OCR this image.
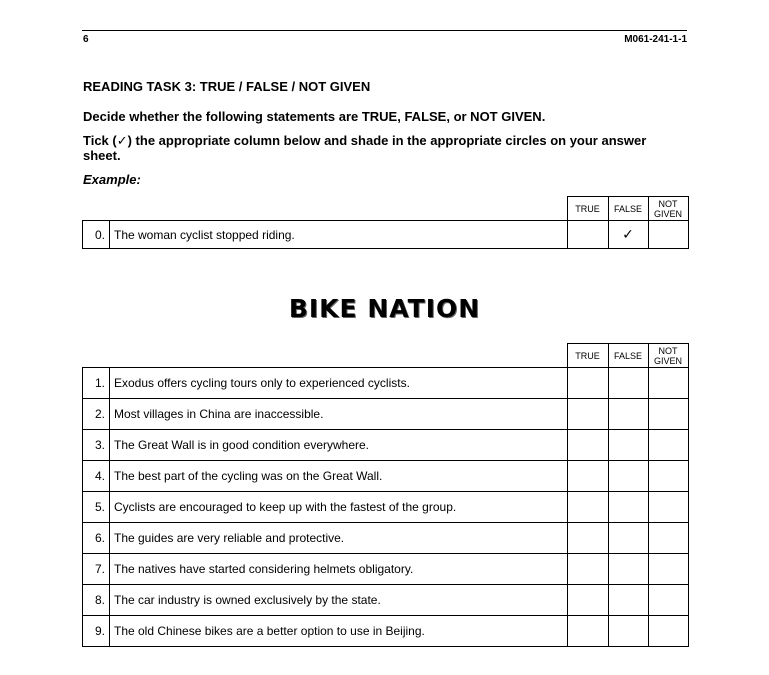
6	M061-241-1-1
READING TASK 3: TRUE / FALSE / NOT GIVEN
Decide whether the following statements are TRUE, FALSE, or NOT GIVEN.
Tick (✓) the appropriate column below and shade in the appropriate circles on your answer sheet.
Example:
		TRUE	FALSE	NOT
GIVEN
0.	The woman cyclist stopped riding.		✓	
BIKE NATION
		TRUE	FALSE	NOT
GIVEN
1.	Exodus offers cycling tours only to experienced cyclists.			
2.	Most villages in China are inaccessible.			
3.	The Great Wall is in good condition everywhere.			
4.	The best part of the cycling was on the Great Wall.			
5.	Cyclists are encouraged to keep up with the fastest of the group.			
6.	The guides are very reliable and protective.			
7.	The natives have started considering helmets obligatory.			
8.	The car industry is owned exclusively by the state.			
9.	The old Chinese bikes are a better option to use in Beijing.			
